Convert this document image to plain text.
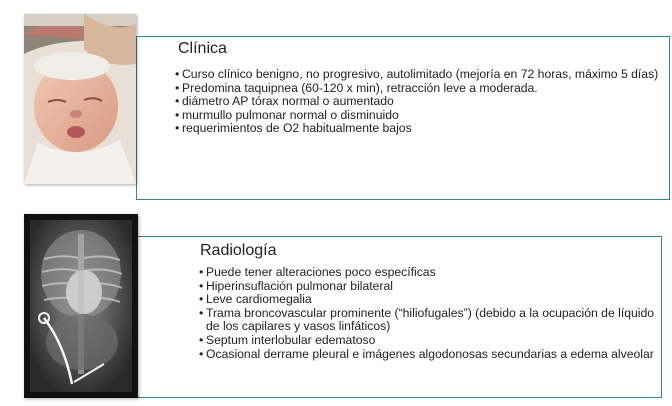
Clínica
• Curso clínico benigno, no progresivo, autolimitado (mejoría en 72 horas, máximo 5 días)
• Predomina taquipnea (60-120 x min), retracción leve a moderada.
• diámetro AP tórax normal o aumentado
• murmullo pulmonar normal o disminuido
• requerimientos de O2 habitualmente bajos
Radiología
• Puede tener alteraciones poco específicas
• Hiperinsuflación pulmonar bilateral
• Leve cardiomegalia
• Trama broncovascular prominente (“hiliofugales”) (debido a la ocupación de líquido de los capilares y vasos linfáticos)
• Septum interlobular edematoso
• Ocasional derrame pleural e imágenes algodonosas secundarias a edema alveolar
